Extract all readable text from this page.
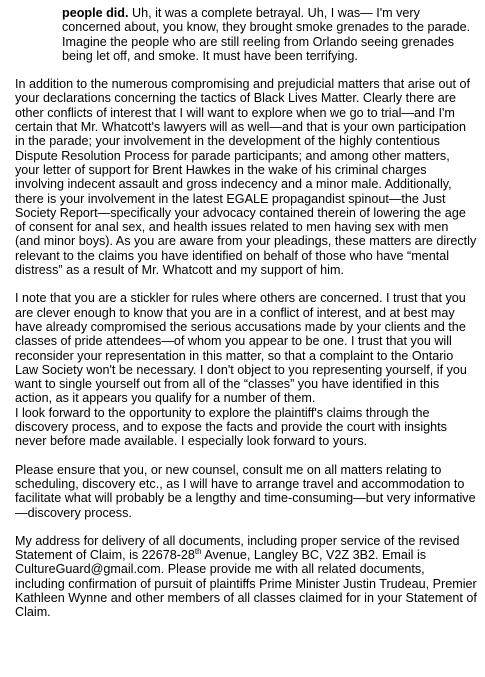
people did. Uh, it was a complete betrayal. Uh, I was— I'm very concerned about, you know, they brought smoke grenades to the parade. Imagine the people who are still reeling from Orlando seeing grenades being let off, and smoke. It must have been terrifying.

In addition to the numerous compromising and prejudicial matters that arise out of your declarations concerning the tactics of Black Lives Matter. Clearly there are other conflicts of interest that I will want to explore when we go to trial—and I'm certain that Mr. Whatcott's lawyers will as well—and that is your own participation in the parade; your involvement in the development of the highly contentious Dispute Resolution Process for parade participants; and among other matters, your letter of support for Brent Hawkes in the wake of his criminal charges involving indecent assault and gross indecency and a minor male. Additionally, there is your involvement in the latest EGALE propagandist spinout—the Just Society Report—specifically your advocacy contained therein of lowering the age of consent for anal sex, and health issues related to men having sex with men (and minor boys). As you are aware from your pleadings, these matters are directly relevant to the claims you have identified on behalf of those who have “mental distress” as a result of Mr. Whatcott and my support of him.

I note that you are a stickler for rules where others are concerned. I trust that you are clever enough to know that you are in a conflict of interest, and at best may have already compromised the serious accusations made by your clients and the classes of pride attendees—of whom you appear to be one. I trust that you will reconsider your representation in this matter, so that a complaint to the Ontario Law Society won't be necessary. I don't object to you representing yourself, if you want to single yourself out from all of the “classes” you have identified in this action, as it appears you qualify for a number of them.

I look forward to the opportunity to explore the plaintiff's claims through the discovery process, and to expose the facts and provide the court with insights never before made available. I especially look forward to yours.

Please ensure that you, or new counsel, consult me on all matters relating to scheduling, discovery etc., as I will have to arrange travel and accommodation to facilitate what will probably be a lengthy and time-consuming—but very informative—discovery process.

My address for delivery of all documents, including proper service of the revised Statement of Claim, is 22678-28th Avenue, Langley BC, V2Z 3B2. Email is CultureGuard@gmail.com. Please provide me with all related documents, including confirmation of pursuit of plaintiffs Prime Minister Justin Trudeau, Premier Kathleen Wynne and other members of all classes claimed for in your Statement of Claim.
